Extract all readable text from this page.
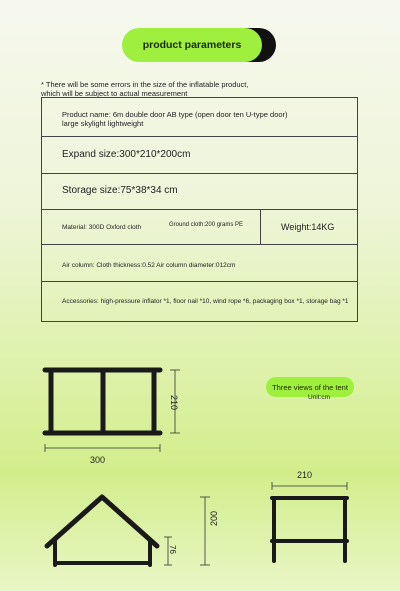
product parameters
* There will be some errors in the size of the inflatable product,
which will be subject to actual measurement
Product name: 6m double door AB type (open door ten U-type door)
large skylight lightweight
Expand size:300*210*200cm
Storage size:75*38*34 cm
Material: 300D Oxford cloth	Ground cloth:200 grams PE	Weight:14KG
Air column: Cloth thickness:0.52 Air column diameter:012cm
Accessories: high-pressure inflator *1, floor nail *10, wind rope *6, packaging box *1, storage bag *1
Three views of the tent
Unit:cm
210
300
210
200
76
